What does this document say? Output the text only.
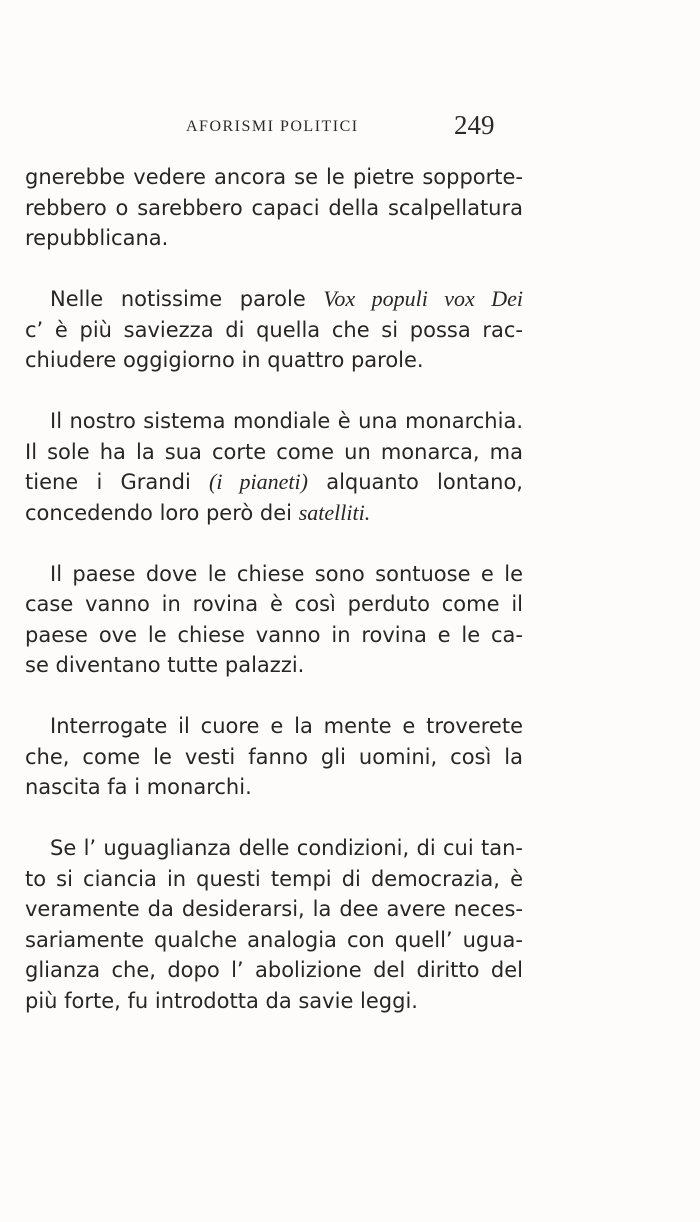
AFORISMI POLITICI	249
gnerebbe vedere ancora se le pietre sopporte-
rebbero o sarebbero capaci della scalpellatura
repubblicana.
Nelle notissime parole Vox populi vox Dei
c’ è più saviezza di quella che si possa rac-
chiudere oggigiorno in quattro parole.
Il nostro sistema mondiale è una monarchia.
Il sole ha la sua corte come un monarca, ma
tiene i Grandi (i pianeti) alquanto lontano,
concedendo loro però dei satelliti.
Il paese dove le chiese sono sontuose e le
case vanno in rovina è così perduto come il
paese ove le chiese vanno in rovina e le ca-
se diventano tutte palazzi.
Interrogate il cuore e la mente e troverete
che, come le vesti fanno gli uomini, così la
nascita fa i monarchi.
Se l’ uguaglianza delle condizioni, di cui tan-
to si ciancia in questi tempi di democrazia, è
veramente da desiderarsi, la dee avere neces-
sariamente qualche analogia con quell’ ugua-
glianza che, dopo l’ abolizione del diritto del
più forte, fu introdotta da savie leggi.
